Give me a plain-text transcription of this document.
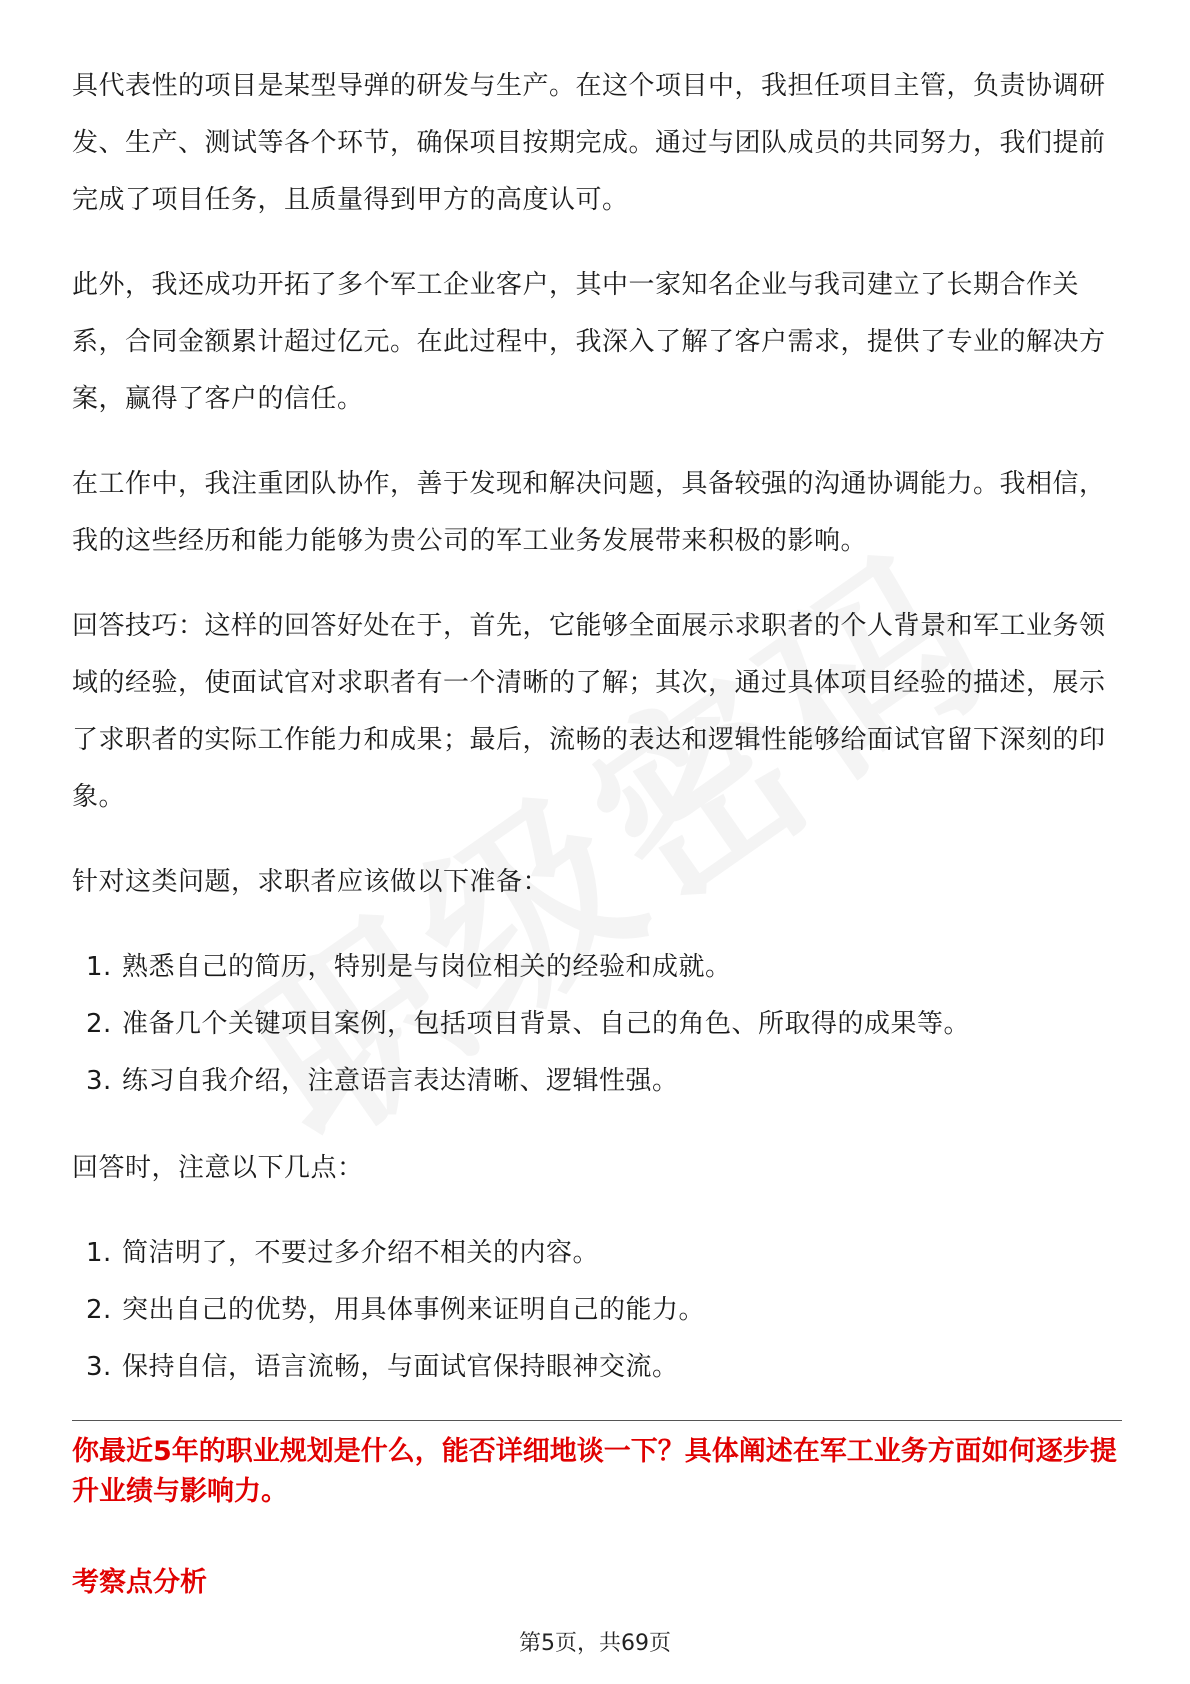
具代表性的项目是某型导弹的研发与生产。在这个项目中，我担任项目主管，负责协调研发、生产、测试等各个环节，确保项目按期完成。通过与团队成员的共同努力，我们提前完成了项目任务，且质量得到甲方的高度认可。

此外，我还成功开拓了多个军工企业客户，其中一家知名企业与我司建立了长期合作关系，合同金额累计超过亿元。在此过程中，我深入了解了客户需求，提供了专业的解决方案，赢得了客户的信任。

在工作中，我注重团队协作，善于发现和解决问题，具备较强的沟通协调能力。我相信，我的这些经历和能力能够为贵公司的军工业务发展带来积极的影响。

回答技巧：这样的回答好处在于，首先，它能够全面展示求职者的个人背景和军工业务领域的经验，使面试官对求职者有一个清晰的了解；其次，通过具体项目经验的描述，展示了求职者的实际工作能力和成果；最后，流畅的表达和逻辑性能够给面试官留下深刻的印象。

针对这类问题，求职者应该做以下准备：

1. 熟悉自己的简历，特别是与岗位相关的经验和成就。
2. 准备几个关键项目案例，包括项目背景、自己的角色、所取得的成果等。
3. 练习自我介绍，注意语言表达清晰、逻辑性强。

回答时，注意以下几点：

1. 简洁明了，不要过多介绍不相关的内容。
2. 突出自己的优势，用具体事例来证明自己的能力。
3. 保持自信，语言流畅，与面试官保持眼神交流。

你最近5年的职业规划是什么，能否详细地谈一下？具体阐述在军工业务方面如何逐步提升业绩与影响力。

考察点分析

第5页，共69页
